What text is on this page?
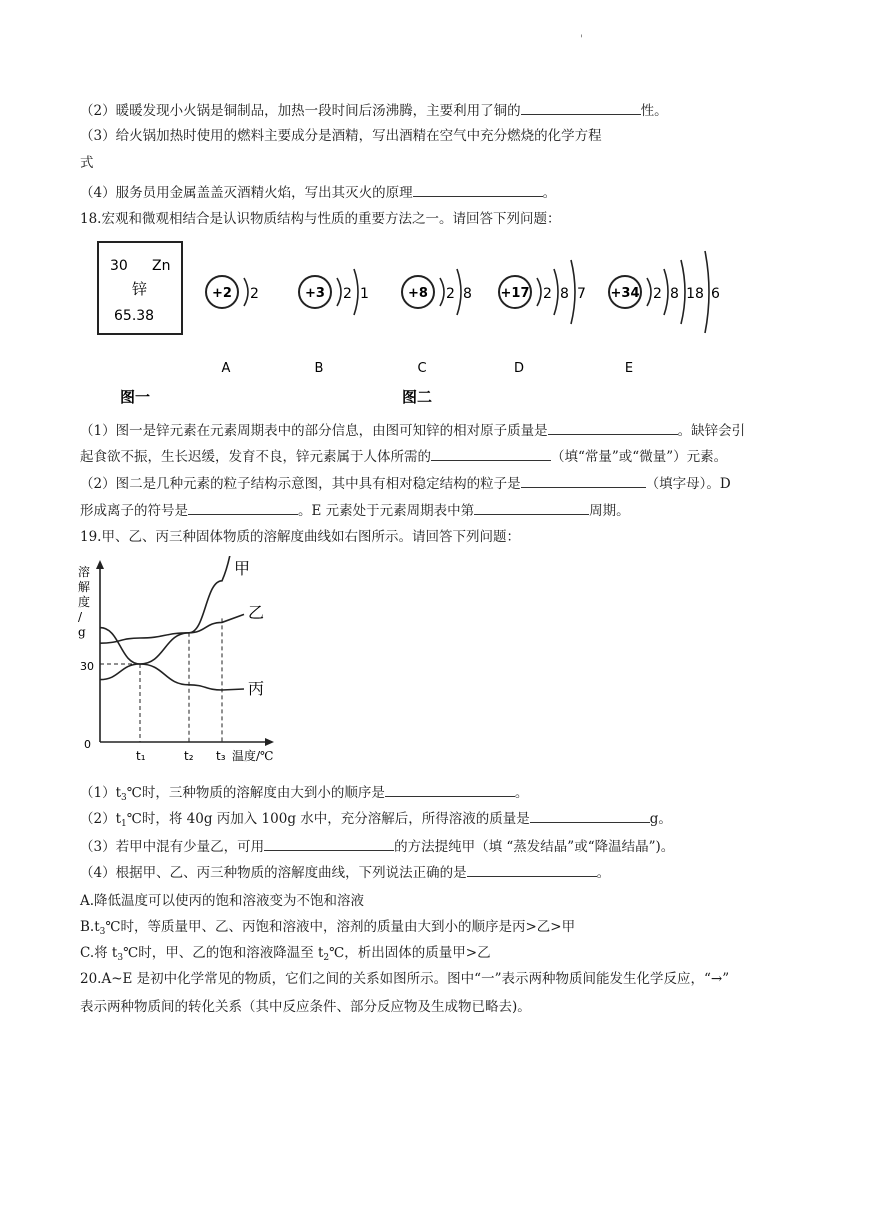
'
（2）暖暖发现小火锅是铜制品，加热一段时间后汤沸腾，主要利用了铜的	性。
（3）给火锅加热时使用的燃料主要成分是酒精，写出酒精在空气中充分燃烧的化学方程
式
（4）服务员用金属盖盖灭酒精火焰，写出其灭火的原理	。
18.宏观和微观相结合是认识物质结构与性质的重要方法之一。请回答下列问题：
30 Zn
锌
65.38
+2 2
A
+3 2 1
B
+8 2 8
C
+17 2 8 7
D
+34 2 8 18 6
E
图一	图二
（1）图一是锌元素在元素周期表中的部分信息，由图可知锌的相对原子质量是	。缺锌会引
起食欲不振，生长迟缓，发育不良，锌元素属于人体所需的	（填“常量”或“微量”）元素。
（2）图二是几种元素的粒子结构示意图，其中具有相对稳定结构的粒子是	（填字母）。D
形成离子的符号是	。E 元素处于元素周期表中第	周期。
19.甲、乙、丙三种固体物质的溶解度曲线如右图所示。请回答下列问题：
溶
解
度
/
g
30
0
t₁	t₂ t₃ 温度/℃
甲
乙
丙
$(1)t_3℃$时，三种物质的溶解度由大到小的顺序是	。
$(2)t_1℃$时，将 40g 丙加入 100g 水中，充分溶解后，所得溶液的质量是	g。
（3）若甲中混有少量乙，可用	的方法提纯甲（填 “蒸发结晶”或“降温结晶”)。
（4）根据甲、乙、丙三种物质的溶解度曲线，下列说法正确的是	。
A.降低温度可以使丙的饱和溶液变为不饱和溶液
$B.t_3℃$时，等质量甲、乙、丙饱和溶液中，溶剂的质量由大到小的顺序是丙>乙>甲
C.将 $t_3℃$时，甲、乙的饱和溶液降温至 $t_2℃$，析出固体的质量甲>乙
20.A~E 是初中化学常见的物质，它们之间的关系如图所示。图中“一”表示两种物质间能发生化学反应，“→”
表示两种物质间的转化关系（其中反应条件、部分反应物及生成物已略去)。
